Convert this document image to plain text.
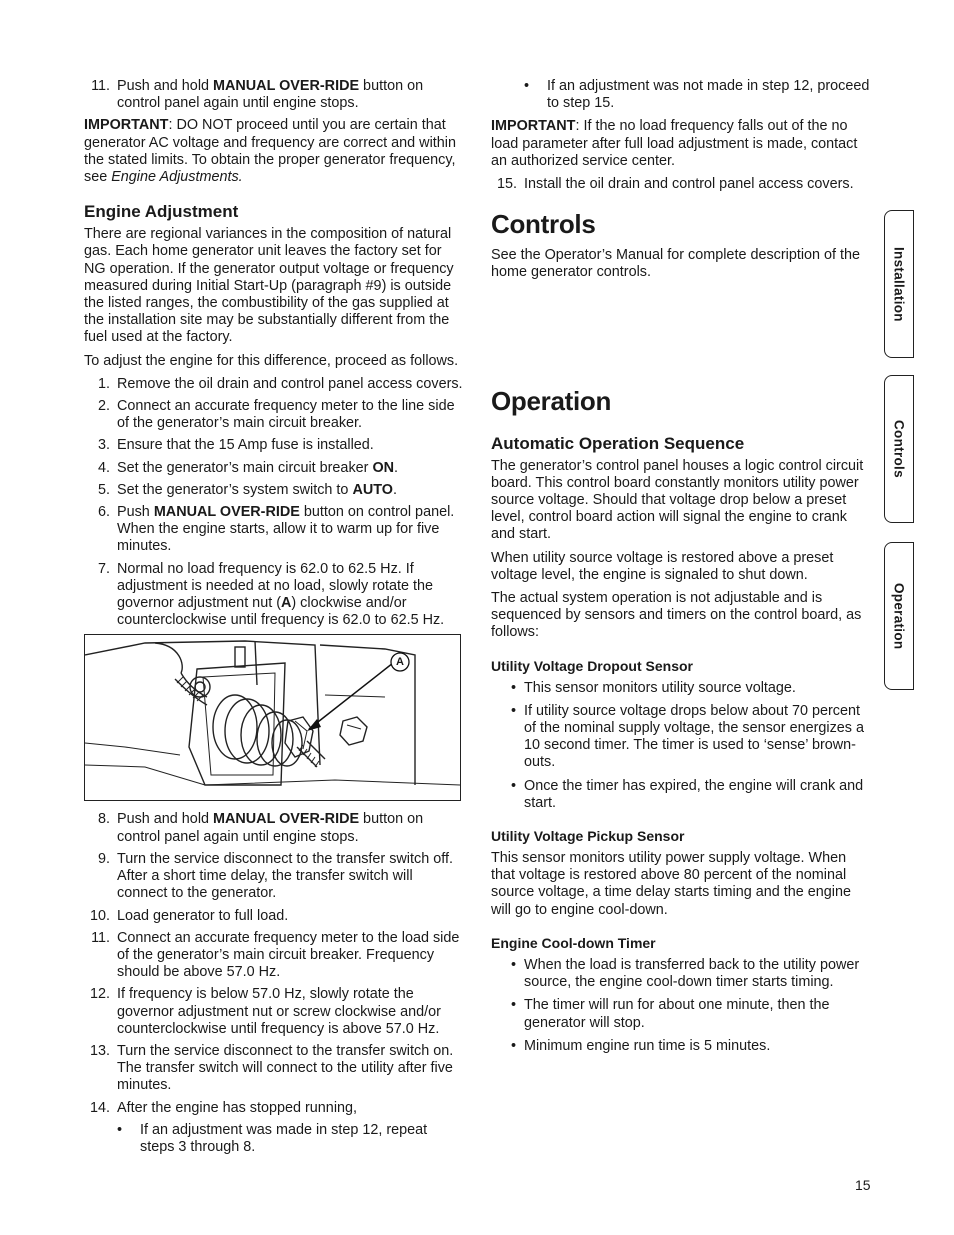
11. Push and hold MANUAL OVER-RIDE button on control panel again until engine stops.

IMPORTANT: DO NOT proceed until you are certain that generator AC voltage and frequency are correct and within the stated limits. To obtain the proper generator frequency, see Engine Adjustments.

Engine Adjustment

There are regional variances in the composition of natural gas. Each home generator unit leaves the factory set for NG operation. If the generator output voltage or frequency measured during Initial Start-Up (paragraph #9) is outside the listed ranges, the combustibility of the gas supplied at the installation site may be substantially different from the fuel used at the factory.

To adjust the engine for this difference, proceed as follows.

1. Remove the oil drain and control panel access covers.
2. Connect an accurate frequency meter to the line side of the generator’s main circuit breaker.
3. Ensure that the 15 Amp fuse is installed.
4. Set the generator’s main circuit breaker ON.
5. Set the generator’s system switch to AUTO.
6. Push MANUAL OVER-RIDE button on control panel. When the engine starts, allow it to warm up for five minutes.
7. Normal no load frequency is 62.0 to 62.5 Hz. If adjustment is needed at no load, slowly rotate the governor adjustment nut (A) clockwise and/or counterclockwise until frequency is 62.0 to 62.5 Hz.
A
8. Push and hold MANUAL OVER-RIDE button on control panel again until engine stops.
9. Turn the service disconnect to the transfer switch off. After a short time delay, the transfer switch will connect to the generator.
10. Load generator to full load.
11. Connect an accurate frequency meter to the load side of the generator’s main circuit breaker. Frequency should be above 57.0 Hz.
12. If frequency is below 57.0 Hz, slowly rotate the governor adjustment nut or screw clockwise and/or counterclockwise until frequency is above 57.0 Hz.
13. Turn the service disconnect to the transfer switch on. The transfer switch will connect to the utility after five minutes.
14. After the engine has stopped running,
• If an adjustment was made in step 12, repeat steps 3 through 8.
• If an adjustment was not made in step 12, proceed to step 15.

IMPORTANT: If the no load frequency falls out of the no load parameter after full load adjustment is made, contact an authorized service center.

15. Install the oil drain and control panel access covers.
Controls

See the Operator’s Manual for complete description of the home generator controls.

Operation
Automatic Operation Sequence

The generator’s control panel houses a logic control circuit board. This control board constantly monitors utility power source voltage. Should that voltage drop below a preset level, control board action will signal the engine to crank and start.

When utility source voltage is restored above a preset voltage level, the engine is signaled to shut down.

The actual system operation is not adjustable and is sequenced by sensors and timers on the control board, as follows:

Utility Voltage Dropout Sensor
• This sensor monitors utility source voltage.
• If utility source voltage drops below about 70 percent of the nominal supply voltage, the sensor energizes a 10 second timer. The timer is used to ‘sense’ brown-outs.
• Once the timer has expired, the engine will crank and start.
Utility Voltage Pickup Sensor

This sensor monitors utility power supply voltage. When that voltage is restored above 80 percent of the nominal source voltage, a time delay starts timing and the engine will go to engine cool-down.

Engine Cool-down Timer
• When the load is transferred back to the utility power source, the engine cool-down timer starts timing.
• The timer will run for about one minute, then the generator will stop.
• Minimum engine run time is 5 minutes.
Installation
Controls
Operation
15
